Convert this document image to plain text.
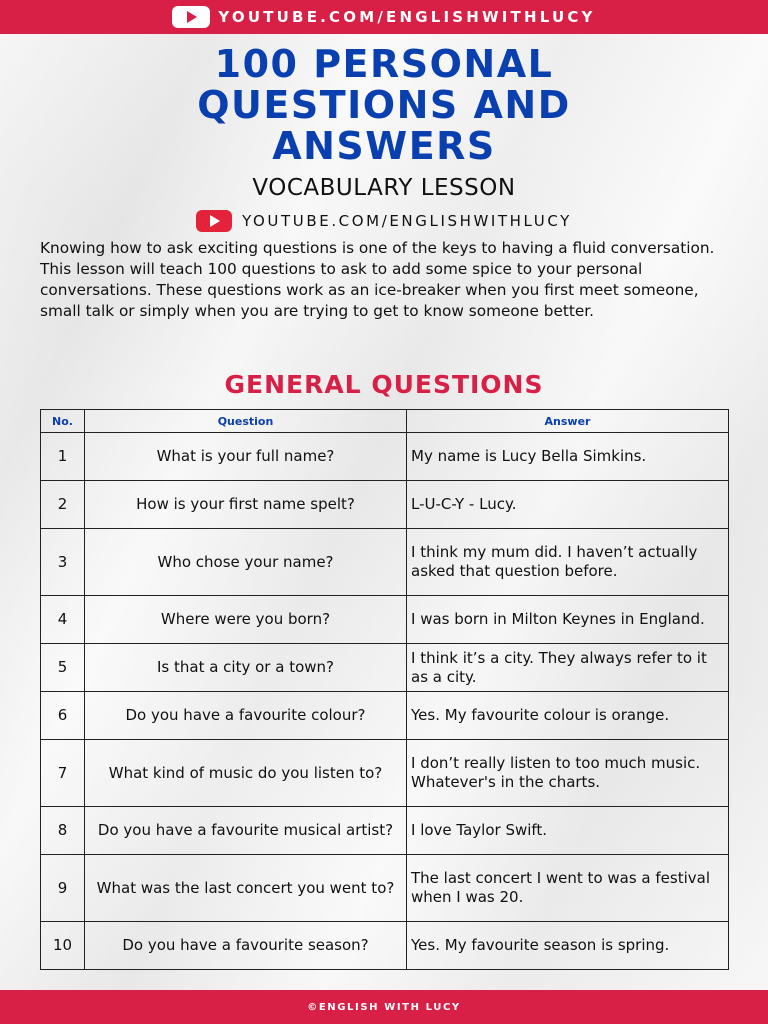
YOUTUBE.COM/ENGLISHWITHLUCY
100 PERSONAL
QUESTIONS AND
ANSWERS
VOCABULARY LESSON
YOUTUBE.COM/ENGLISHWITHLUCY
Knowing how to ask exciting questions is one of the keys to having a fluid conversation. This lesson will teach 100 questions to ask to add some spice to your personal conversations. These questions work as an ice-breaker when you first meet someone, small talk or simply when you are trying to get to know someone better.
GENERAL QUESTIONS
No.	Question	Answer
1	What is your full name?	My name is Lucy Bella Simkins.
2	How is your first name spelt?	L-U-C-Y - Lucy.
3	Who chose your name?	I think my mum did. I haven’t actually asked that question before.
4	Where were you born?	I was born in Milton Keynes in England.
5	Is that a city or a town?	I think it’s a city. They always refer to it as a city.
6	Do you have a favourite colour?	Yes. My favourite colour is orange.
7	What kind of music do you listen to?	I don’t really listen to too much music. Whatever's in the charts.
8	Do you have a favourite musical artist?	I love Taylor Swift.
9	What was the last concert you went to?	The last concert I went to was a festival when I was 20.
10	Do you have a favourite season?	Yes. My favourite season is spring.
©ENGLISH WITH LUCY
